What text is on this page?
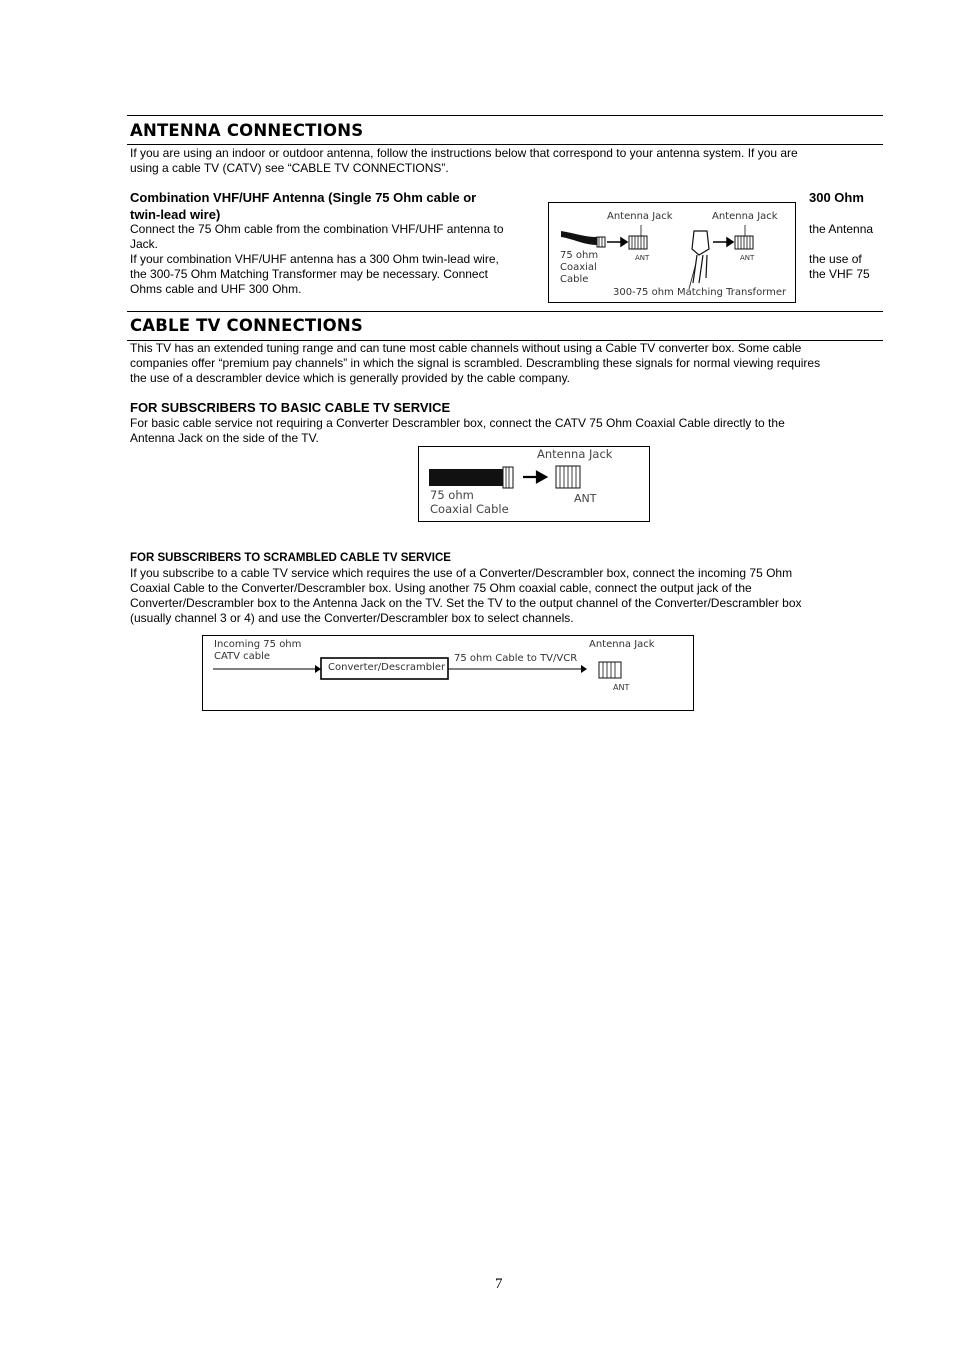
ANTENNA CONNECTIONS
If you are using an indoor or outdoor antenna, follow the instructions below that correspond to your antenna system. If you are
using a cable TV (CATV) see “CABLE TV CONNECTIONS”.
Combination VHF/UHF Antenna (Single 75 Ohm cable or
twin-lead wire)
300 Ohm
Connect the 75 Ohm cable from the combination VHF/UHF antenna to
Jack.
If your combination VHF/UHF antenna has a 300 Ohm twin-lead wire,
the 300-75 Ohm Matching Transformer may be necessary. Connect
Ohms cable and UHF 300 Ohm.
the Antenna
the use of
the VHF 75
Antenna Jack	Antenna Jack
ANT	ANT
75 ohm
Coaxial
Cable
300-75 ohm Matching Transformer
CABLE TV CONNECTIONS
This TV has an extended tuning range and can tune most cable channels without using a Cable TV converter box. Some cable
companies offer “premium pay channels” in which the signal is scrambled. Descrambling these signals for normal viewing requires
the use of a descrambler device which is generally provided by the cable company.
FOR SUBSCRIBERS TO BASIC CABLE TV SERVICE
For basic cable service not requiring a Converter Descrambler box, connect the CATV 75 Ohm Coaxial Cable directly to the
Antenna Jack on the side of the TV.
Antenna Jack
ANT
75 ohm
Coaxial Cable
FOR SUBSCRIBERS TO SCRAMBLED CABLE TV SERVICE
If you subscribe to a cable TV service which requires the use of a Converter/Descrambler box, connect the incoming 75 Ohm
Coaxial Cable to the Converter/Descrambler box. Using another 75 Ohm coaxial cable, connect the output jack of the
Converter/Descrambler box to the Antenna Jack on the TV. Set the TV to the output channel of the Converter/Descrambler box
(usually channel 3 or 4) and use the Converter/Descrambler box to select channels.
Incoming 75 ohm
CATV cable
Converter/Descrambler
75 ohm Cable to TV/VCR
Antenna Jack
ANT
7
